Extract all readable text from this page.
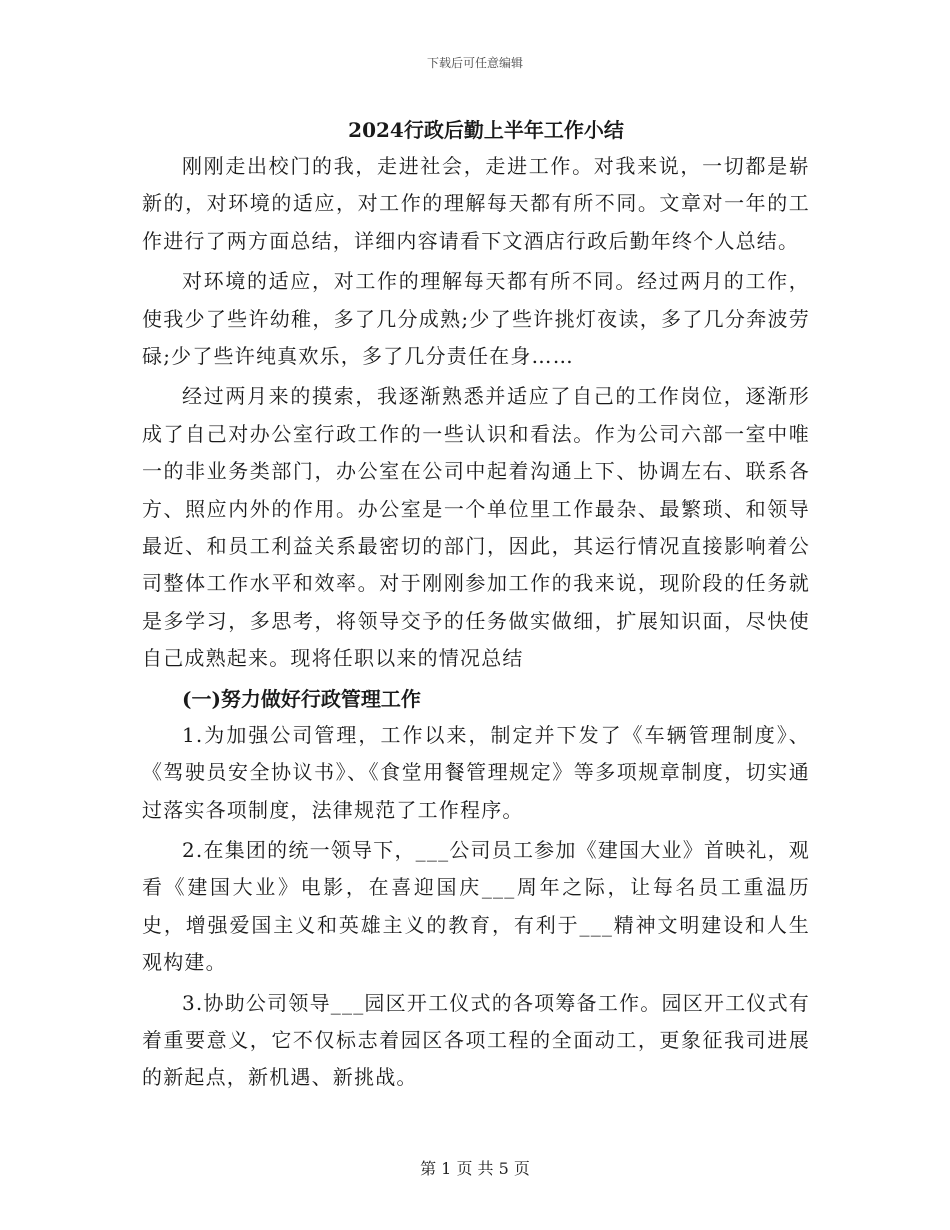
下载后可任意编辑
2024行政后勤上半年工作小结

刚刚走出校门的我，走进社会，走进工作。对我来说，一切都是崭新的，对环境的适应，对工作的理解每天都有所不同。文章对一年的工作进行了两方面总结，详细内容请看下文酒店行政后勤年终个人总结。

对环境的适应，对工作的理解每天都有所不同。经过两月的工作，使我少了些许幼稚，多了几分成熟;少了些许挑灯夜读，多了几分奔波劳碌;少了些许纯真欢乐，多了几分责任在身……

经过两月来的摸索，我逐渐熟悉并适应了自己的工作岗位，逐渐形成了自己对办公室行政工作的一些认识和看法。作为公司六部一室中唯一的非业务类部门，办公室在公司中起着沟通上下、协调左右、联系各方、照应内外的作用。办公室是一个单位里工作最杂、最繁琐、和领导最近、和员工利益关系最密切的部门，因此，其运行情况直接影响着公司整体工作水平和效率。对于刚刚参加工作的我来说，现阶段的任务就是多学习，多思考，将领导交予的任务做实做细，扩展知识面，尽快使自己成熟起来。现将任职以来的情况总结

(一)努力做好行政管理工作

1.为加强公司管理，工作以来，制定并下发了《车辆管理制度》、《驾驶员安全协议书》、《食堂用餐管理规定》等多项规章制度，切实通过落实各项制度，法律规范了工作程序。

2.在集团的统一领导下，___公司员工参加《建国大业》首映礼，观看《建国大业》电影，在喜迎国庆___周年之际，让每名员工重温历史，增强爱国主义和英雄主义的教育，有利于___精神文明建设和人生观构建。

3.协助公司领导___园区开工仪式的各项筹备工作。园区开工仪式有着重要意义，它不仅标志着园区各项工程的全面动工，更象征我司进展的新起点，新机遇、新挑战。

第 1 页 共 5 页
